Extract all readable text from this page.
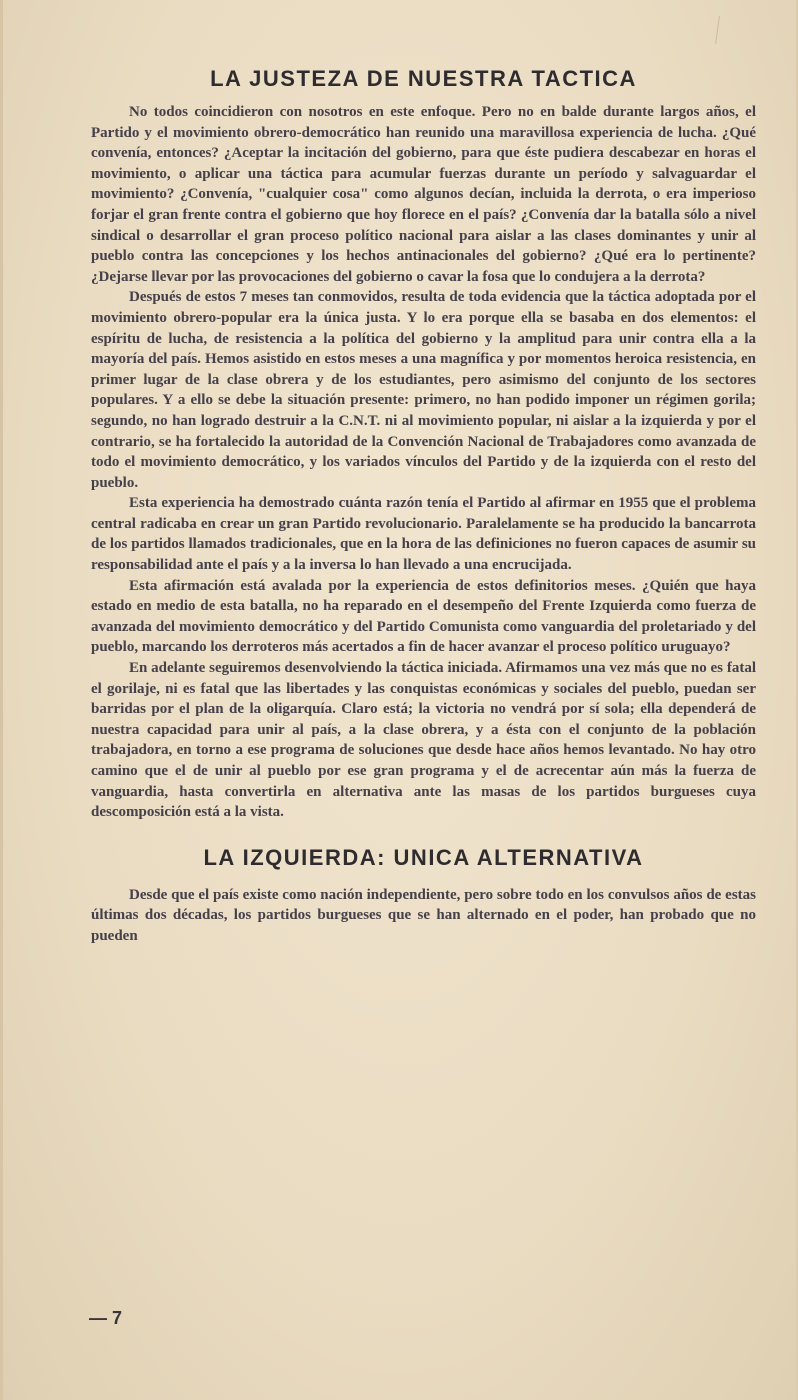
LA JUSTEZA DE NUESTRA TACTICA

No todos coincidieron con nosotros en este enfoque. Pero no en balde durante largos años, el Partido y el movimiento obrero-democrático han reunido una maravillosa experiencia de lucha. ¿Qué convenía, entonces? ¿Aceptar la incitación del gobierno, para que éste pudiera descabezar en horas el movimiento, o aplicar una táctica para acumular fuerzas durante un período y salvaguardar el movimiento? ¿Convenía, "cualquier cosa" como algunos decían, incluida la derrota, o era imperioso forjar el gran frente contra el gobierno que hoy florece en el país? ¿Convenía dar la batalla sólo a nivel sindical o desarrollar el gran proceso político nacional para aislar a las clases dominantes y unir al pueblo contra las concepciones y los hechos antinacionales del gobierno? ¿Qué era lo pertinente? ¿Dejarse llevar por las provocaciones del gobierno o cavar la fosa que lo condujera a la derrota?

Después de estos 7 meses tan conmovidos, resulta de toda evidencia que la táctica adoptada por el movimiento obrero-popular era la única justa. Y lo era porque ella se basaba en dos elementos: el espíritu de lucha, de resistencia a la política del gobierno y la amplitud para unir contra ella a la mayoría del país. Hemos asistido en estos meses a una magnífica y por momentos heroica resistencia, en primer lugar de la clase obrera y de los estudiantes, pero asimismo del conjunto de los sectores populares. Y a ello se debe la situación presente: primero, no han podido imponer un régimen gorila; segundo, no han logrado destruir a la C.N.T. ni al movimiento popular, ni aislar a la izquierda y por el contrario, se ha fortalecido la autoridad de la Convención Nacional de Trabajadores como avanzada de todo el movimiento democrático, y los variados vínculos del Partido y de la izquierda con el resto del pueblo.

Esta experiencia ha demostrado cuánta razón tenía el Partido al afirmar en 1955 que el problema central radicaba en crear un gran Partido revolucionario. Paralelamente se ha producido la bancarrota de los partidos llamados tradicionales, que en la hora de las definiciones no fueron capaces de asumir su responsabilidad ante el país y a la inversa lo han llevado a una encrucijada.

Esta afirmación está avalada por la experiencia de estos definitorios meses. ¿Quién que haya estado en medio de esta batalla, no ha reparado en el desempeño del Frente Izquierda como fuerza de avanzada del movimiento democrático y del Partido Comunista como vanguardia del proletariado y del pueblo, marcando los derroteros más acertados a fin de hacer avanzar el proceso político uruguayo?

En adelante seguiremos desenvolviendo la táctica iniciada. Afirmamos una vez más que no es fatal el gorilaje, ni es fatal que las libertades y las conquistas económicas y sociales del pueblo, puedan ser barridas por el plan de la oligarquía. Claro está; la victoria no vendrá por sí sola; ella dependerá de nuestra capacidad para unir al país, a la clase obrera, y a ésta con el conjunto de la población trabajadora, en torno a ese programa de soluciones que desde hace años hemos levantado. No hay otro camino que el de unir al pueblo por ese gran programa y el de acrecentar aún más la fuerza de vanguardia, hasta convertirla en alternativa ante las masas de los partidos burgueses cuya descomposición está a la vista.

LA IZQUIERDA: UNICA ALTERNATIVA

Desde que el país existe como nación independiente, pero sobre todo en los convulsos años de estas últimas dos décadas, los partidos burgueses que se han alternado en el poder, han probado que no pueden

— 7
